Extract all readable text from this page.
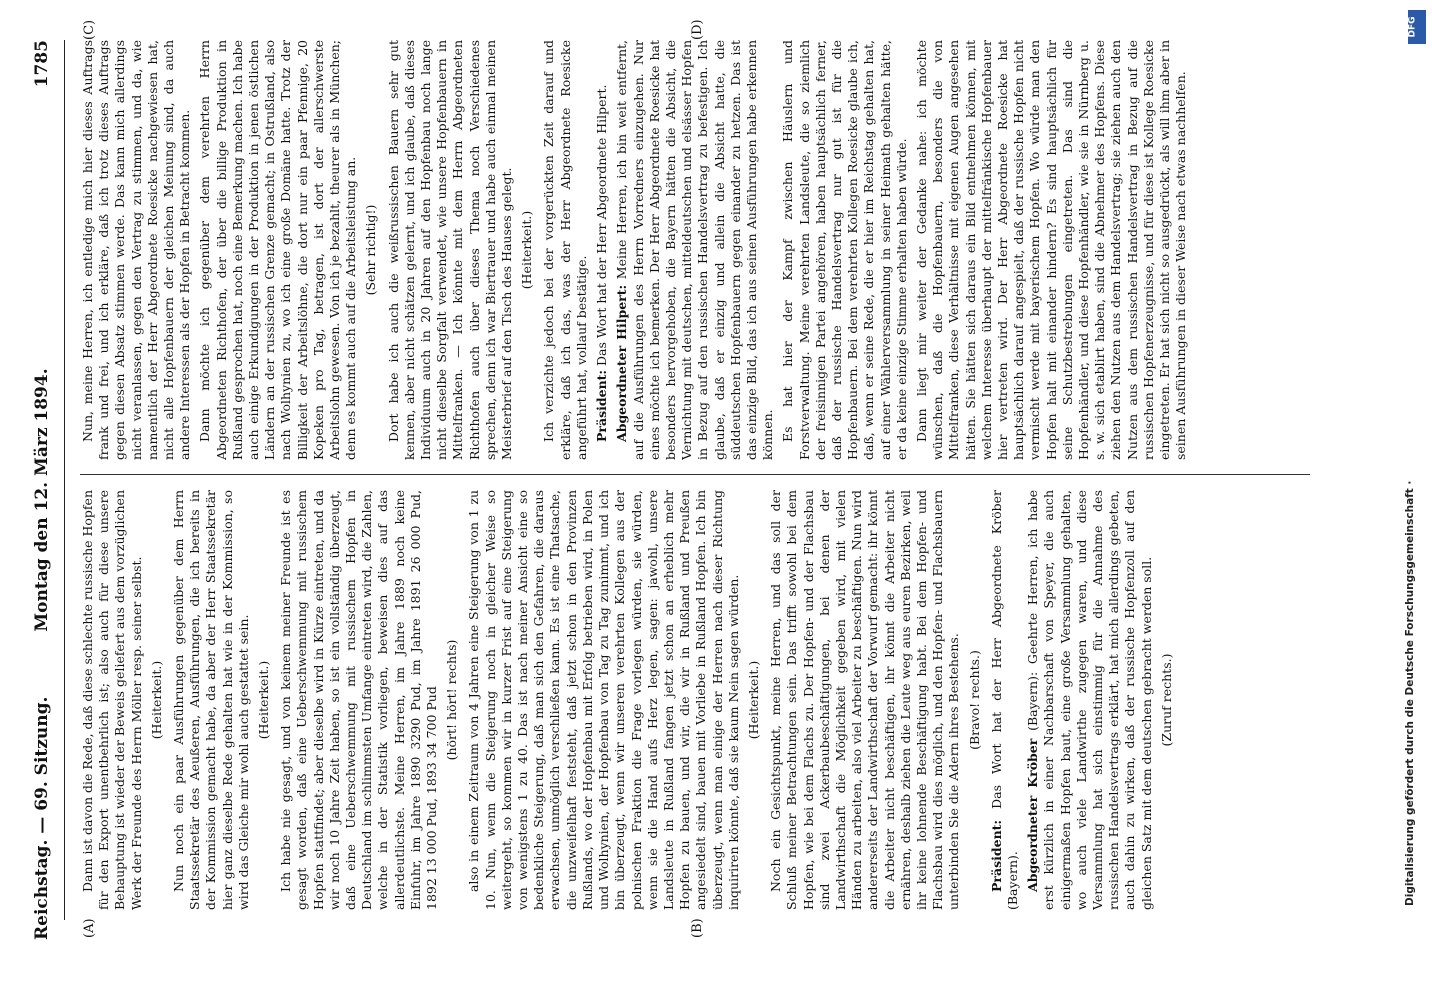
Reichstag. — 69. Sitzung.
Montag den 12. März 1894.
1785
(A)	(B)
(C)	(D)

Dann ist davon die Rede, daß diese schlechte russische Hopfen für den Export unentbehrlich ist; also auch für diese unsere Behauptung ist wieder der Beweis geliefert aus dem vorzüglichen Werk der Freunde des Herrn Möller resp. seiner selbst. (Heiterkeit.) Nun noch ein paar Ausführungen gegenüber dem Herrn Staatssekretär des Aeußeren, Ausführungen, die ich bereits in der Kommission gemacht habe, da aber der Herr Staatssekretär hier ganz dieselbe Rede gehalten hat wie in der Kommission, so wird das Gleiche mir wohl auch gestattet sein. (Heiterkeit.) Ich habe nie gesagt, und von keinem meiner Freunde ist es gesagt worden, daß eine Ueberschwemmung mit russischem Hopfen stattfindet; aber dieselbe wird in Kürze eintreten, und da wir noch 10 Jahre Zeit haben, so ist ein vollständig überzeugt, daß eine Ueberschwemmung mit russischem Hopfen in Deutschland im schlimmsten Umfange eintreten wird, die Zahlen, welche in der Statistik vorliegen, beweisen dies auf das allerdeutlichste. Meine Herren, im Jahre 1889 noch keine Einfuhr, im Jahre 1890 3290 Pud, im Jahre 1891 26 000 Pud, 1892 13 000 Pud, 1893 34 700 Pud (hört! hört! rechts) also in einem Zeitraum von 4 Jahren eine Steigerung von 1 zu 10. Nun, wenn die Steigerung noch in gleicher Weise so weitergeht, so kommen wir in kurzer Frist auf eine Steigerung von wenigstens 1 zu 40. Das ist nach meiner Ansicht eine so bedenkliche Steigerung, daß man sich den Gefahren, die daraus erwachsen, unmöglich verschließen kann. Es ist eine Thatsache, die unzweifelhaft feststeht, daß jetzt schon in den Provinzen Rußlands, wo der Hopfenbau mit Erfolg betrieben wird, in Polen und Wolhynien, der Hopfenbau von Tag zu Tag zunimmt, und ich bin überzeugt, wenn wir unseren verehrten Kollegen aus der polnischen Fraktion die Frage vorlegen würden, sie würden, wenn sie die Hand aufs Herz legen, sagen: jawohl, unsere Landsleute in Rußland fangen jetzt schon an erheblich mehr Hopfen zu bauen, und wir, die wir in Rußland und Preußen angesiedelt sind, bauen mit Vorliebe in Rußland Hopfen. Ich bin überzeugt, wenn man einige der Herren nach dieser Richtung inquiriren könnte, daß sie kaum Nein sagen würden. (Heiterkeit.) Noch ein Gesichtspunkt, meine Herren, und das soll der Schluß meiner Betrachtungen sein. Das trifft sowohl bei dem Hopfen, wie bei dem Flachs zu. Der Hopfen- und der Flachsbau sind zwei Ackerbaubeschäftigungen, bei denen der Landwirthschaft die Möglichkeit gegeben wird, mit vielen Händen zu arbeiten, also viel Arbeiter zu beschäftigen. Nun wird andererseits der Landwirthschaft der Vorwurf gemacht: ihr könnt die Arbeiter nicht beschäftigen, ihr könnt die Arbeiter nicht ernähren, deshalb ziehen die Leute weg aus euren Bezirken, weil ihr keine lohnende Beschäftigung habt. Bei dem Hopfen- und Flachsbau wird dies möglich, und den Hopfen- und Flachsbauern unterbinden Sie die Adern ihres Bestehens. (Bravo! rechts.)

Präsident: Das Wort hat der Herr Abgeordnete Kröber (Bayern). Abgeordneter Kröber (Bayern): Geehrte Herren, ich habe erst kürzlich in einer Nachbarschaft von Speyer, die auch einigermaßen Hopfen baut, eine große Versammlung gehalten, wo auch viele Landwirthe zugegen waren, und diese Versammlung hat sich einstimmig für die Annahme des russischen Handelsvertrags erklärt, hat mich allerdings gebeten, auch dahin zu wirken, daß der russische Hopfenzoll auf den gleichen Satz mit dem deutschen gebracht werden soll. (Zuruf rechts.)

Nun, meine Herren, ich entledige mich hier dieses Auftrags frank und frei, und ich erkläre, daß ich trotz dieses Auftrags gegen diesen Absatz stimmen werde. Das kann mich allerdings nicht veranlassen, gegen den Vertrag zu stimmen, und da, wie namentlich der Herr Abgeordnete Roesicke nachgewiesen hat, nicht alle Hopfenbauern der gleichen Meinung sind, da auch andere Interessen als der Hopfen in Betracht kommen. Dann möchte ich gegenüber dem verehrten Herrn Abgeordneten Richthofen, der über die billige Produktion in Rußland gesprochen hat, noch eine Bemerkung machen. Ich habe auch einige Erkundigungen in der Produktion in jenen östlichen Ländern an der russischen Grenze gemacht; in Ostrußland, also nach Wolhynien zu, wo ich eine große Domäne hatte. Trotz der Billigkeit der Arbeitslöhne, die dort nur ein paar Pfennige, 20 Kopeken pro Tag, betragen, ist dort der allerschwerste Arbeitslohn gewesen. Von ich je bezahlt, theurer als in München; denn es kommt auch auf die Arbeitsleistung an. (Sehr richtig!) Dort habe ich auch die weißrussischen Bauern sehr gut kennen, aber nicht schätzen gelernt, und ich glaube, daß dieses Individuum auch in 20 Jahren auf den Hopfenbau noch lange nicht dieselbe Sorgfalt verwendet, wie unsere Hopfenbauern in Mittelfranken. — Ich könnte mit dem Herrn Abgeordneten Richthofen auch über dieses Thema noch Verschiedenes sprechen, denn ich war Biertrauer und habe auch einmal meinen Meisterbrief auf den Tisch des Hauses gelegt. (Heiterkeit.) Ich verzichte jedoch bei der vorgerückten Zeit darauf und erkläre, daß ich das, was der Herr Abgeordnete Roesicke angeführt hat, vollauf bestätige. Präsident: Das Wort hat der Herr Abgeordnete Hilpert. Abgeordneter Hilpert: Meine Herren, ich bin weit entfernt, auf die Ausführungen des Herrn Vorredners einzugehen. Nur eines möchte ich bemerken. Der Herr Abgeordnete Roesicke hat besonders hervorgehoben, die Bayern hätten die Absicht, die Vernichtung mit deutschen, mitteldeutschen und elsässer Hopfen in Bezug auf den russischen Handelsvertrag zu befestigen. Ich glaube, daß er einzig und allein die Absicht hatte, die süddeutschen Hopfenbauern gegen einander zu hetzen. Das ist das einzige Bild, das ich aus seinen Ausführungen habe erkennen können. Es hat hier der Kampf zwischen Häuslern und Forstverwaltung. Meine verehrten Landsleute, die so ziemlich der freisinnigen Partei angehören, haben hauptsächlich ferner, daß der russische Handelsvertrag nur gut ist für die Hopfenbauern. Bei dem verehrten Kollegen Roesicke glaube ich, daß, wenn er seine Rede, die er hier im Reichstag gehalten hat, auf einer Wählerversammlung in seiner Heimath gehalten hätte, er da keine einzige Stimme erhalten haben würde. Dann liegt mir weiter der Gedanke nahe: ich möchte wünschen, daß die Hopfenbauern, besonders die von Mittelfranken, diese Verhältnisse mit eigenen Augen angesehen hätten. Sie hätten sich daraus ein Bild entnehmen können, mit welchem Interesse überhaupt der mittelfränkische Hopfenbauer hier vertreten wird. Der Herr Abgeordnete Roesicke hat hauptsächlich darauf angespielt, daß der russische Hopfen nicht vermischt werde mit bayerischem Hopfen. Wo würde man den Hopfen halt mit einander hindern? Es sind hauptsächlich für seine Schutzbestrebungen eingetreten. Das sind die Hopfenhändler, und diese Hopfenhändler, wie sie in Nürnberg u. s. w. sich etablirt haben, sind die Abnehmer des Hopfens. Diese ziehen den Nutzen aus dem Handelsvertrag; sie ziehen auch den Nutzen aus dem russischen Handelsvertrag in Bezug auf die russischen Hopfenerzeugnisse, und für diese ist Kollege Roesicke eingetreten. Er hat sich nicht so ausgedrückt, als will ihm aber in seinen Ausführungen in dieser Weise nach etwas nachhelfen.

Digitalisierung gefördert durch die Deutsche Forschungsgemeinschaft ·
DFG
